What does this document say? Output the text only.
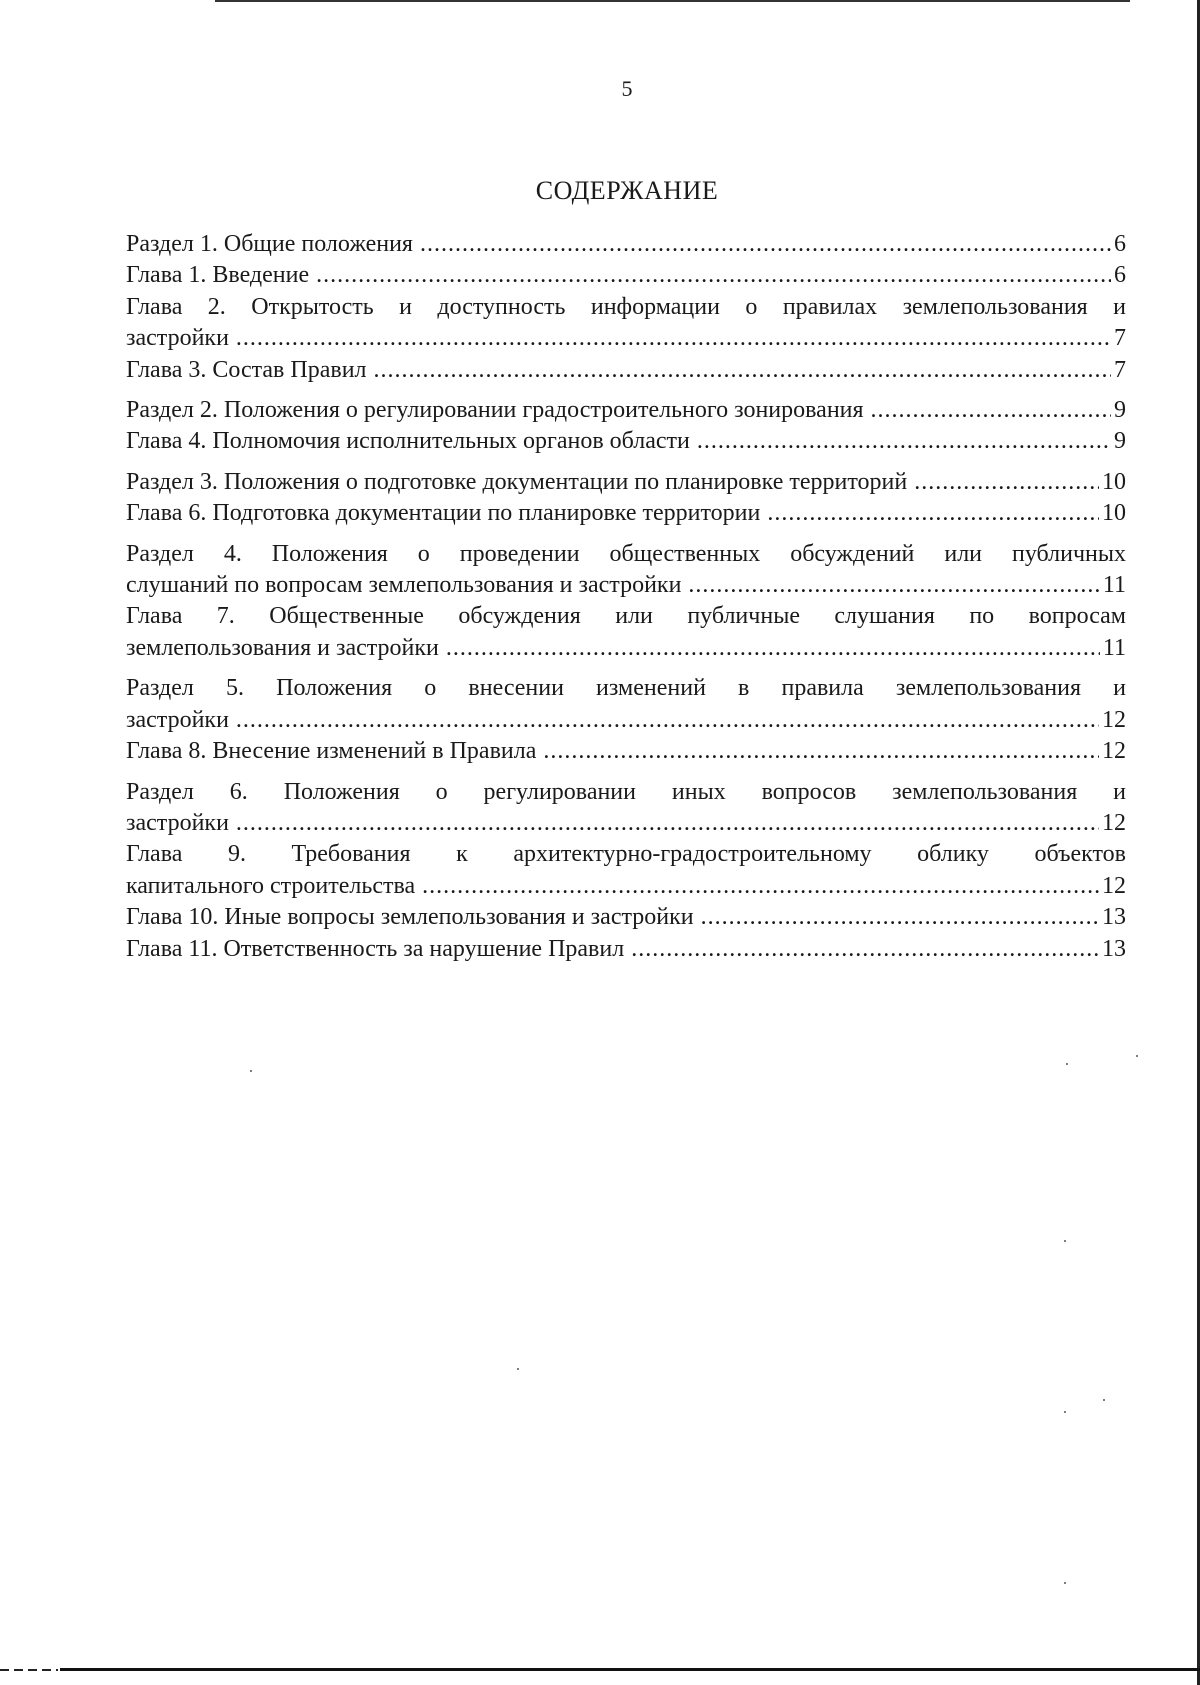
5
СОДЕРЖАНИЕ
6
Раздел 1. Общие положения .....
6
Глава 1. Введение .....
Глава 2. Открытость и доступность информации о правилах землепользования и
7
застройки .....
7
Глава 3. Состав Правил .....
9
Раздел 2. Положения о регулировании градостроительного зонирования .....
9
Глава 4. Полномочия исполнительных органов области .....
10
Раздел 3. Положения о подготовке документации по планировке территорий .....
10
Глава 6. Подготовка документации по планировке территории .....
Раздел 4. Положения о проведении общественных обсуждений или публичных
11
слушаний по вопросам землепользования и застройки .....
Глава 7. Общественные обсуждения или публичные слушания по вопросам
11
землепользования и застройки .....
Раздел 5. Положения о внесении изменений в правила землепользования и
12
застройки .....
12
Глава 8. Внесение изменений в Правила .....
Раздел 6. Положения о регулировании иных вопросов землепользования и
12
застройки .....
Глава 9. Требования к архитектурно-градостроительному облику объектов
12
капитального строительства .....
13
Глава 10. Иные вопросы землепользования и застройки .....
13
Глава 11. Ответственность за нарушение Правил .....
